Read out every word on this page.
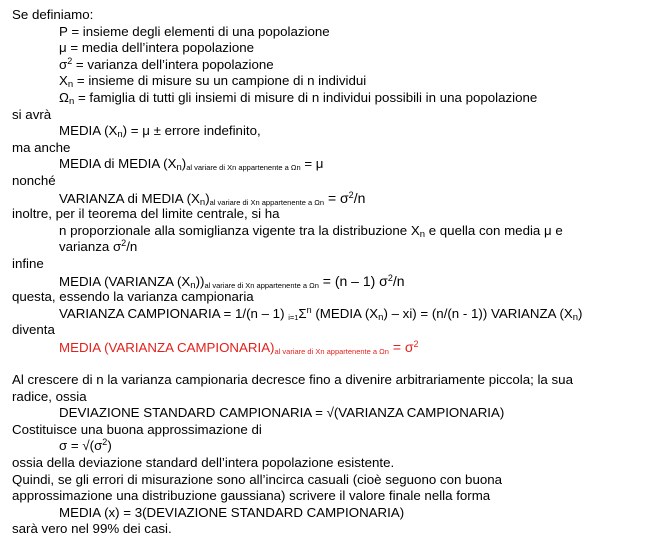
Se definiamo:
P = insieme degli elementi di una popolazione
μ = media dell’intera popolazione
$\sigma^2$ = varianza dell’intera popolazione
$X_n$ = insieme di misure su un campione di n individui
$\Omega_n$ = famiglia di tutti gli insiemi di misure di n individui possibili in una popolazione
si avrà
MEDIA $(X_n) = \mu$ ± errore indefinito,
ma anche
MEDIA di MEDIA $(X_n)_{al variare di Xn appartenente a \Omega n} = \mu$
nonché
VARIANZA di MEDIA $(X_n)_{al variare di Xn appartenente a \Omega n} = \sigma^2/n$
inoltre, per il teorema del limite centrale, si ha
n proporzionale alla somiglianza vigente tra la distribuzione $X_n$ e quella con media μ e
varianza $\sigma^2/n$
infine
MEDIA (VARIANZA $(X_n))_{al variare di Xn appartenente a \Omega n} = (n - 1)$ $\sigma^2/n$
questa, essendo la varianza campionaria
VARIANZA CAMPIONARIA = 1/(n – 1) $_{i=1}\Sigma^n$ (MEDIA $(X_n) - xi) = (n/(n - 1))$ VARIANZA $(X_n)$
diventa
MEDIA (VARIANZA $CAMPIONARIA)_{al variare di Xn appartenente a \Omega n} = \sigma^2$
Al crescere di n la varianza campionaria decresce fino a divenire arbitrariamente piccola; la sua
radice, ossia
DEVIAZIONE STANDARD CAMPIONARIA = √(VARIANZA CAMPIONARIA)
Costituisce una buona approssimazione di
$\sigma = √(\sigma^2)$
ossia della deviazione standard dell’intera popolazione esistente.
Quindi, se gli errori di misurazione sono all’incirca casuali (cioè seguono con buona
approssimazione una distribuzione gaussiana) scrivere il valore finale nella forma
MEDIA (x) = 3(DEVIAZIONE STANDARD CAMPIONARIA)
sarà vero nel 99% dei casi.
